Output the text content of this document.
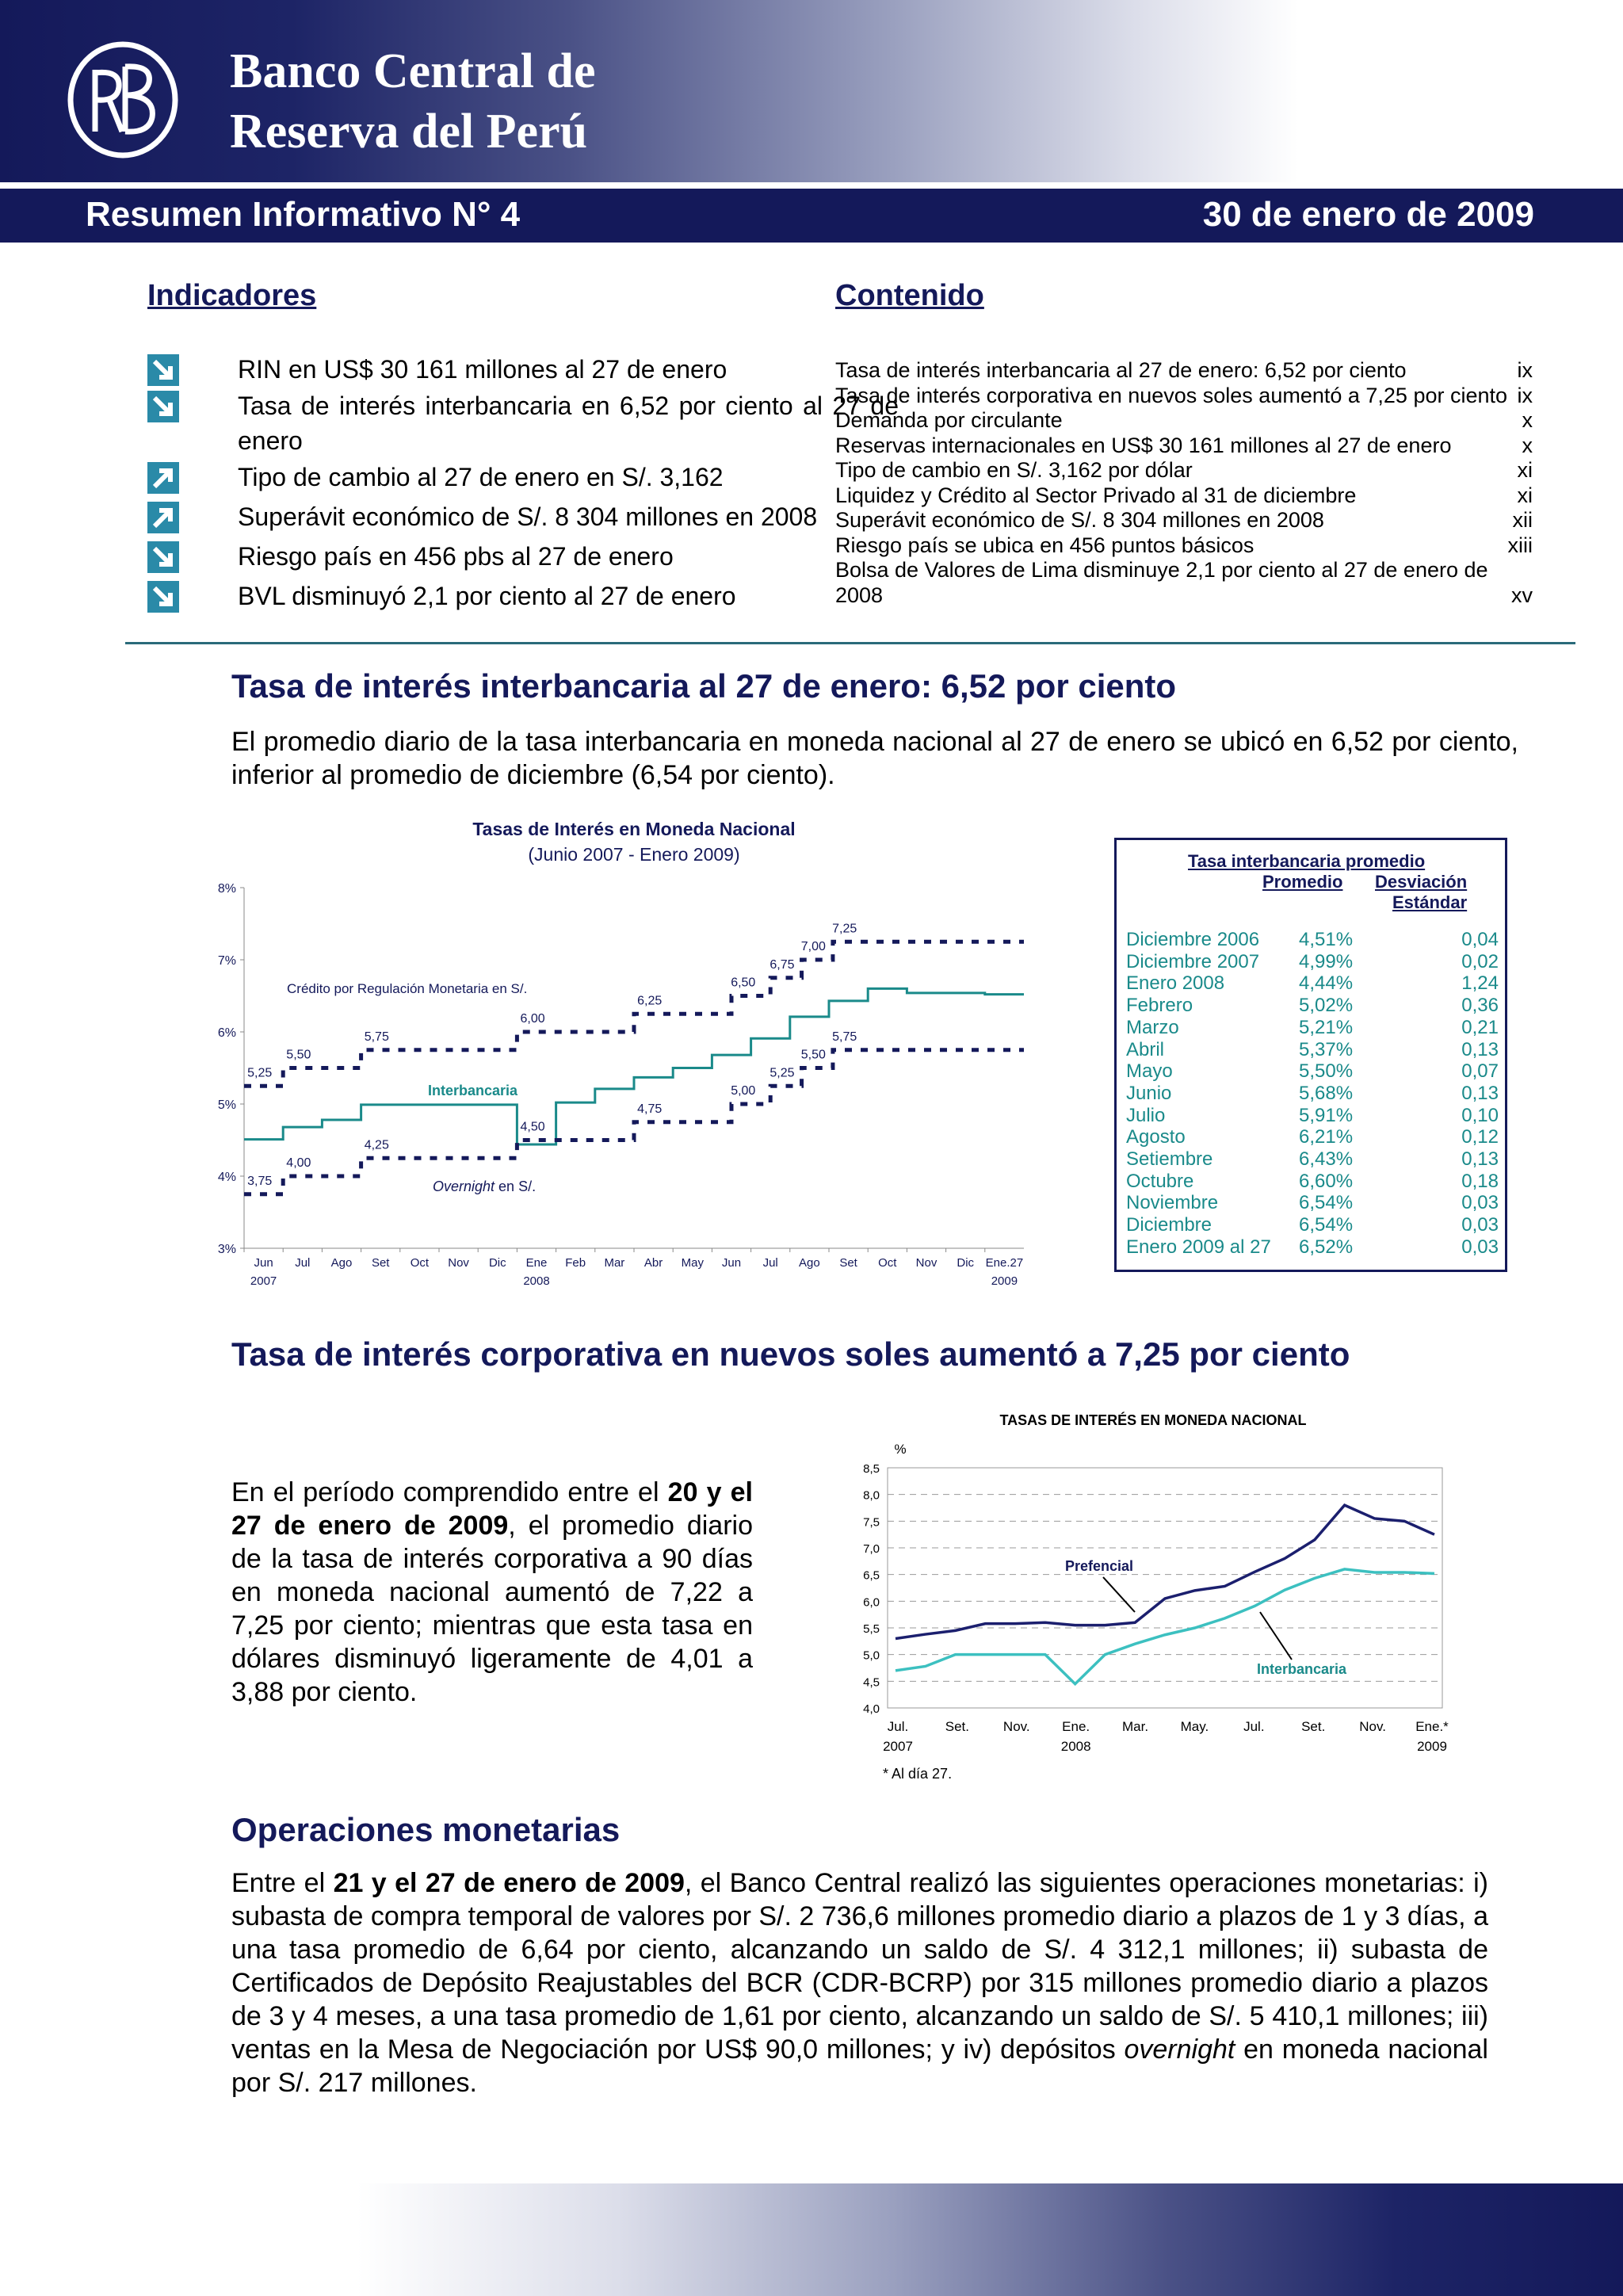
Banco Central de
Reserva del Perú
Resumen Informativo N° 4	30 de enero de 2009
Indicadores
RIN en US$ 30 161 millones al 27 de enero
Tasa de interés interbancaria en 6,52 por ciento al 27 de enero
Tipo de cambio al 27 de enero en S/. 3,162
Superávit económico de S/. 8 304 millones en 2008
Riesgo país en 456 pbs al 27 de enero
BVL disminuyó 2,1 por ciento al 27 de enero
Contenido
Tasa de interés interbancaria al 27 de enero: 6,52 por ciento	ix
Tasa de interés corporativa en nuevos soles aumentó a 7,25 por ciento ix
Demanda por circulante	x
Reservas internacionales en US$ 30 161 millones al 27 de enero	x
Tipo de cambio en S/. 3,162 por dólar	xi
Liquidez y Crédito al Sector Privado al 31 de diciembre	xi
Superávit económico de S/. 8 304 millones en 2008	xii
Riesgo país se ubica en 456 puntos básicos	xiii
Bolsa de Valores de Lima disminuye 2,1 por ciento al 27 de enero de
2008	xv
Tasa de interés interbancaria al 27 de enero: 6,52 por ciento
El promedio diario de la tasa interbancaria en moneda nacional al 27 de enero se ubicó en 6,52 por ciento, inferior al promedio de diciembre (6,54 por ciento).
Tasas de Interés en Moneda Nacional
(Junio 2007 - Enero 2009)
3%
4%
5%
6%
7%
8%
Jun Jul Ago Set Oct Nov Dic Ene Feb Mar Abr May Jun Jul Ago Set Oct Nov Dic Ene.27
2007	2008	2009
5,25
5,50
5,75
6,00
6,25
6,50
6,75
7,00
7,25
3,75
4,00
4,25
4,50
4,75
5,00
5,25
5,50
5,75
Crédito por Regulación Monetaria en S/.
Interbancaria
Overnight en S/.
Tasa interbancaria promedio
Promedio Desviación
Estándar
Diciembre 2006 4,51%	0,04
Diciembre 2007 4,99%	0,02
Enero 2008	4,44%	1,24
Febrero	5,02%	0,36
Marzo	5,21%	0,21
Abril	5,37%	0,13
Mayo	5,50%	0,07
Junio	5,68%	0,13
Julio	5,91%	0,10
Agosto	6,21%	0,12
Setiembre	6,43%	0,13
Octubre	6,60%	0,18
Noviembre	6,54%	0,03
Diciembre	6,54%	0,03
Enero 2009 al 27 6,52%	0,03
Tasa de interés corporativa en nuevos soles aumentó a 7,25 por ciento
En el período comprendido entre el 20 y el 27 de enero de 2009, el promedio diario de la tasa de interés corporativa a 90 días en moneda nacional aumentó de 7,22 a 7,25 por ciento; mientras que esta tasa en dólares disminuyó ligeramente de 4,01 a 3,88 por ciento.
TASAS DE INTERÉS EN MONEDA NACIONAL
%
4,0
4,5
5,0
5,5
6,0
6,5
7,0
7,5
8,0
8,5
Jul.	Set.	Nov. Ene. Mar. May.	Jul.	Set.	Nov. Ene.*
2007	2008	2009
Prefencial
Interbancaria
* Al día 27.
Operaciones monetarias
Entre el 21 y el 27 de enero de 2009, el Banco Central realizó las siguientes operaciones monetarias: i) subasta de compra temporal de valores por S/. 2 736,6 millones promedio diario a plazos de 1 y 3 días, a una tasa promedio de 6,64 por ciento, alcanzando un saldo de S/. 4 312,1 millones; ii) subasta de Certificados de Depósito Reajustables del BCR (CDR-BCRP) por 315 millones promedio diario a plazos de 3 y 4 meses, a una tasa promedio de 1,61 por ciento, alcanzando un saldo de S/. 5 410,1 millones; iii) ventas en la Mesa de Negociación por US$ 90,0 millones; y iv) depósitos overnight en moneda nacional por S/. 217 millones.
